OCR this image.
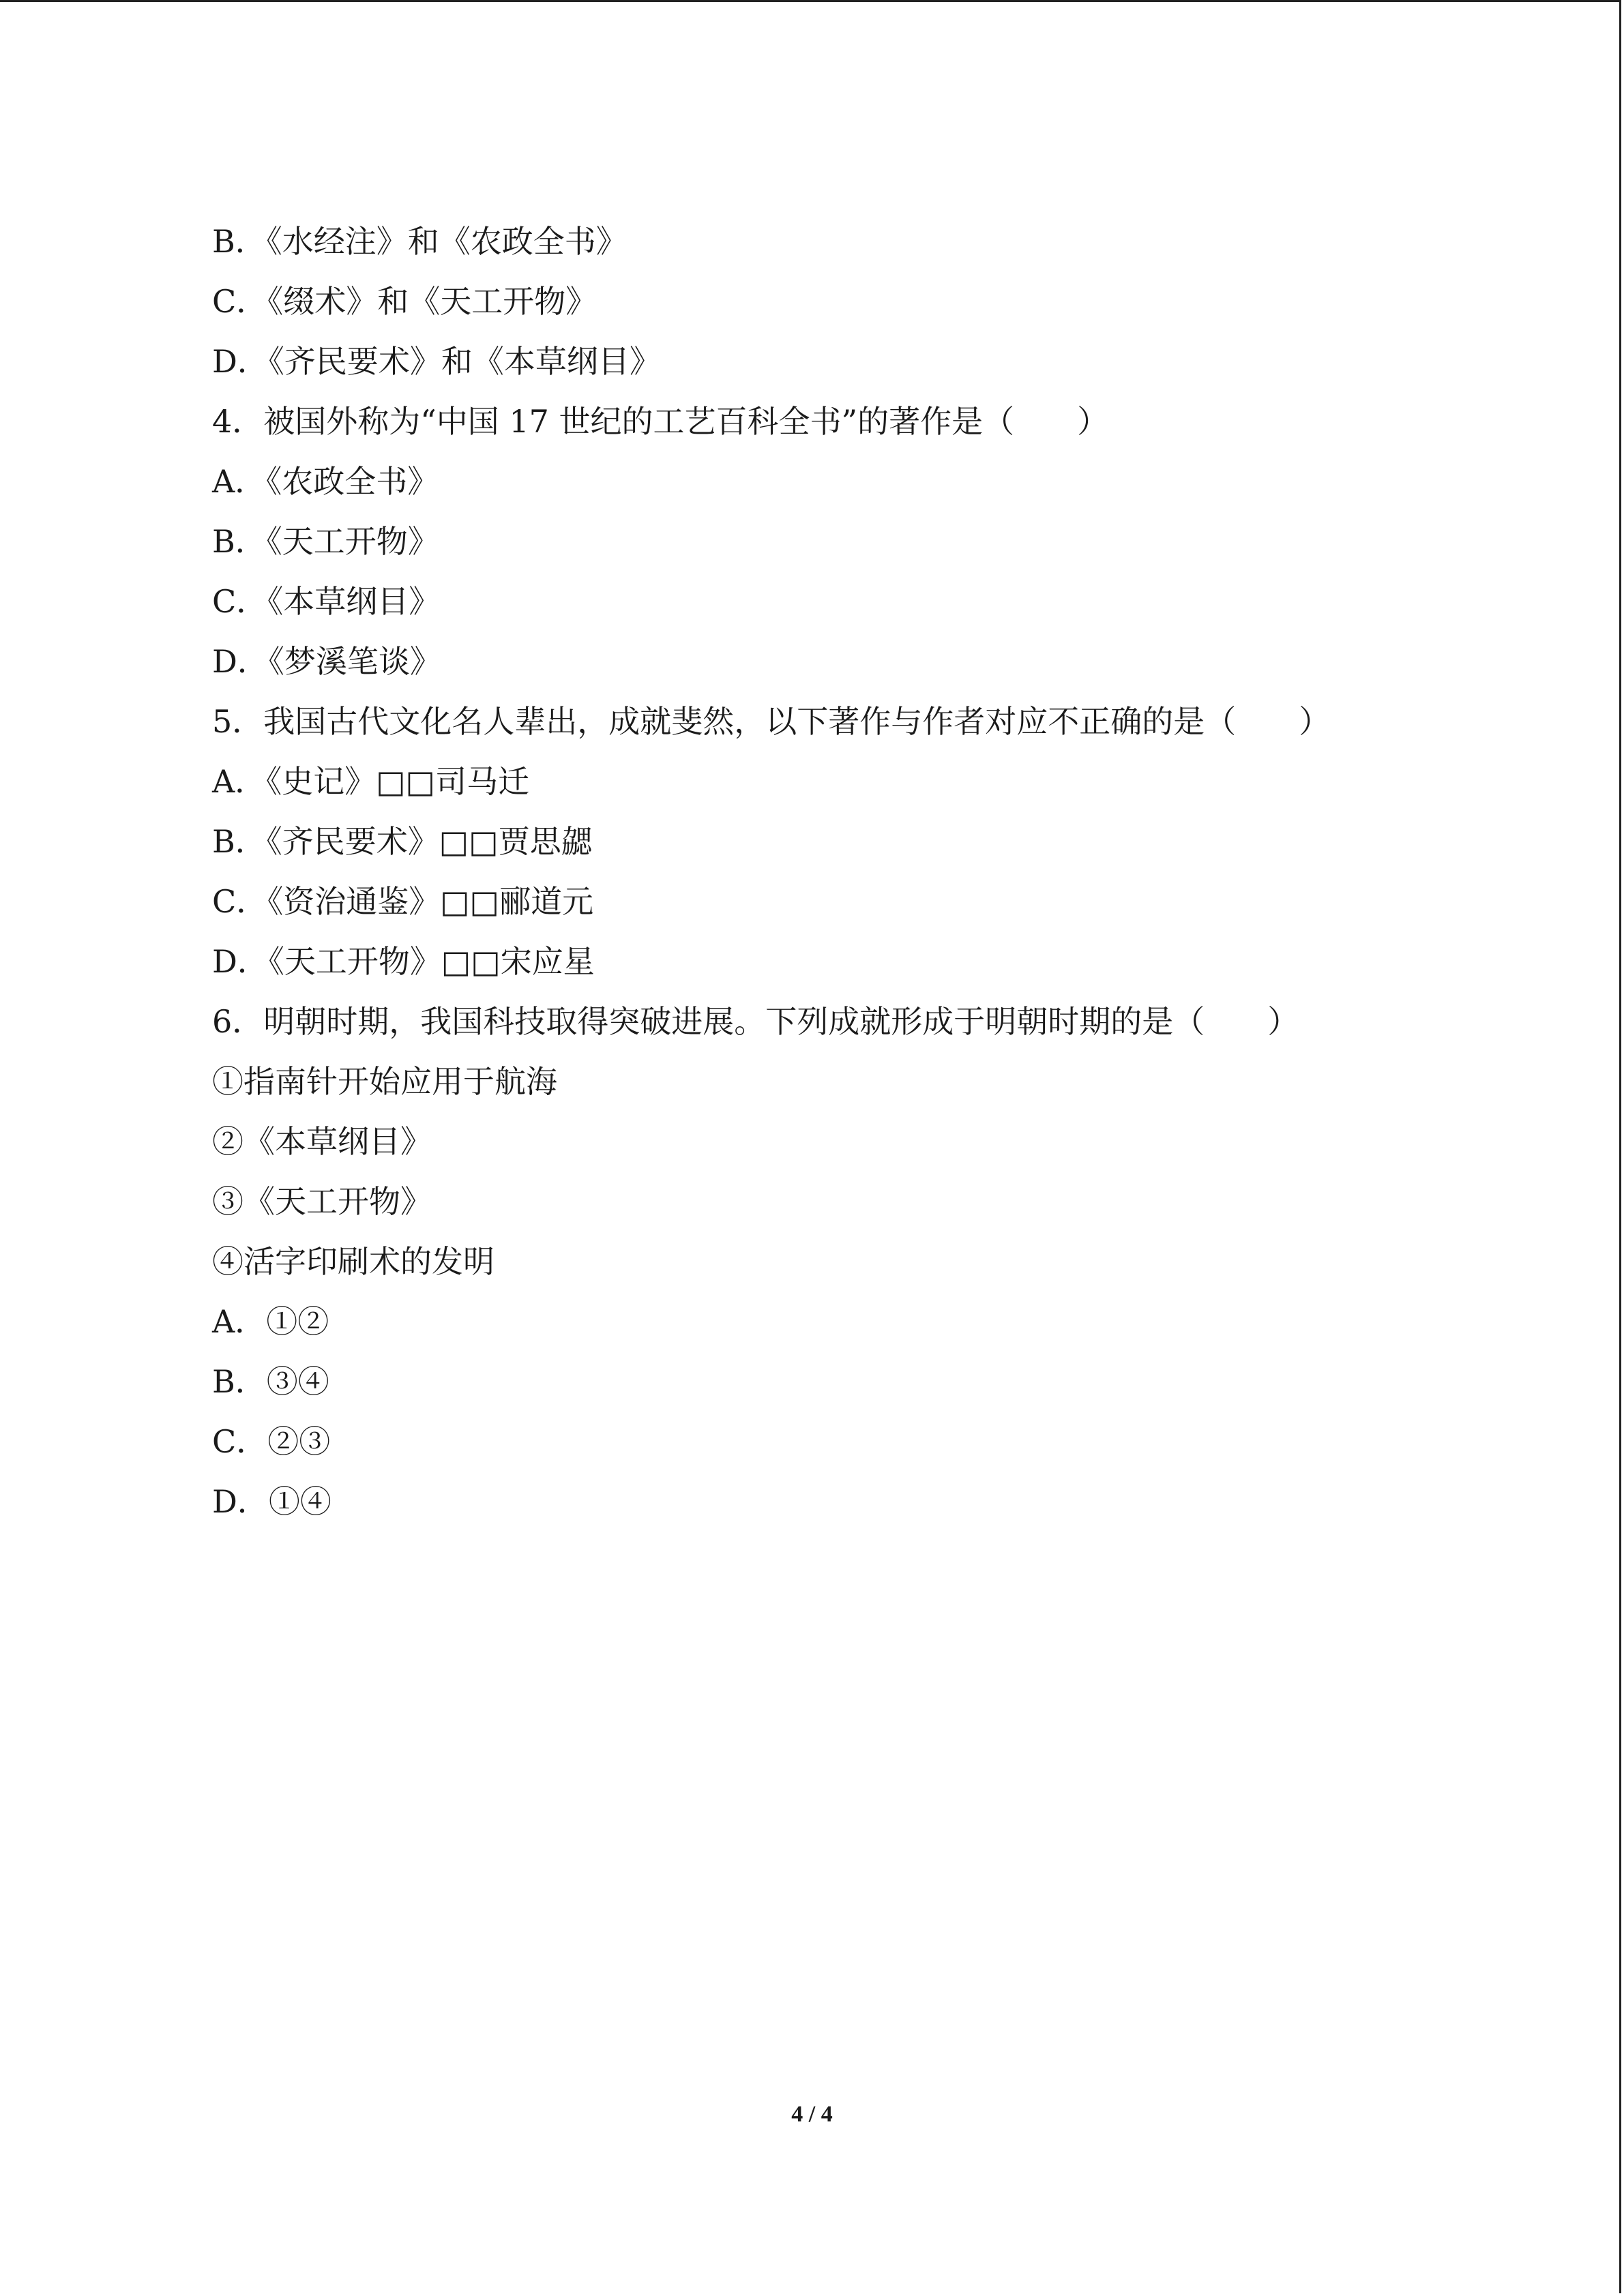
B．《水经注》和《农政全书》
C．《缀术》和《天工开物》
D．《齐民要术》和《本草纲目》
4．被国外称为“中国 17 世纪的工艺百科全书”的著作是（　　）
A．《农政全书》
B．《天工开物》
C．《本草纲目》
D．《梦溪笔谈》
5．我国古代文化名人辈出，成就斐然，以下著作与作者对应不正确的是（　　）
A．《史记》□□司马迁
B．《齐民要术》□□贾思勰
C．《资治通鉴》□□郦道元
D．《天工开物》□□宋应星
6．明朝时期，我国科技取得突破进展。下列成就形成于明朝时期的是（　　）
①指南针开始应用于航海
②《本草纲目》
③《天工开物》
④活字印刷术的发明
A．①②
B．③④
C．②③
D．①④
4 / 4
